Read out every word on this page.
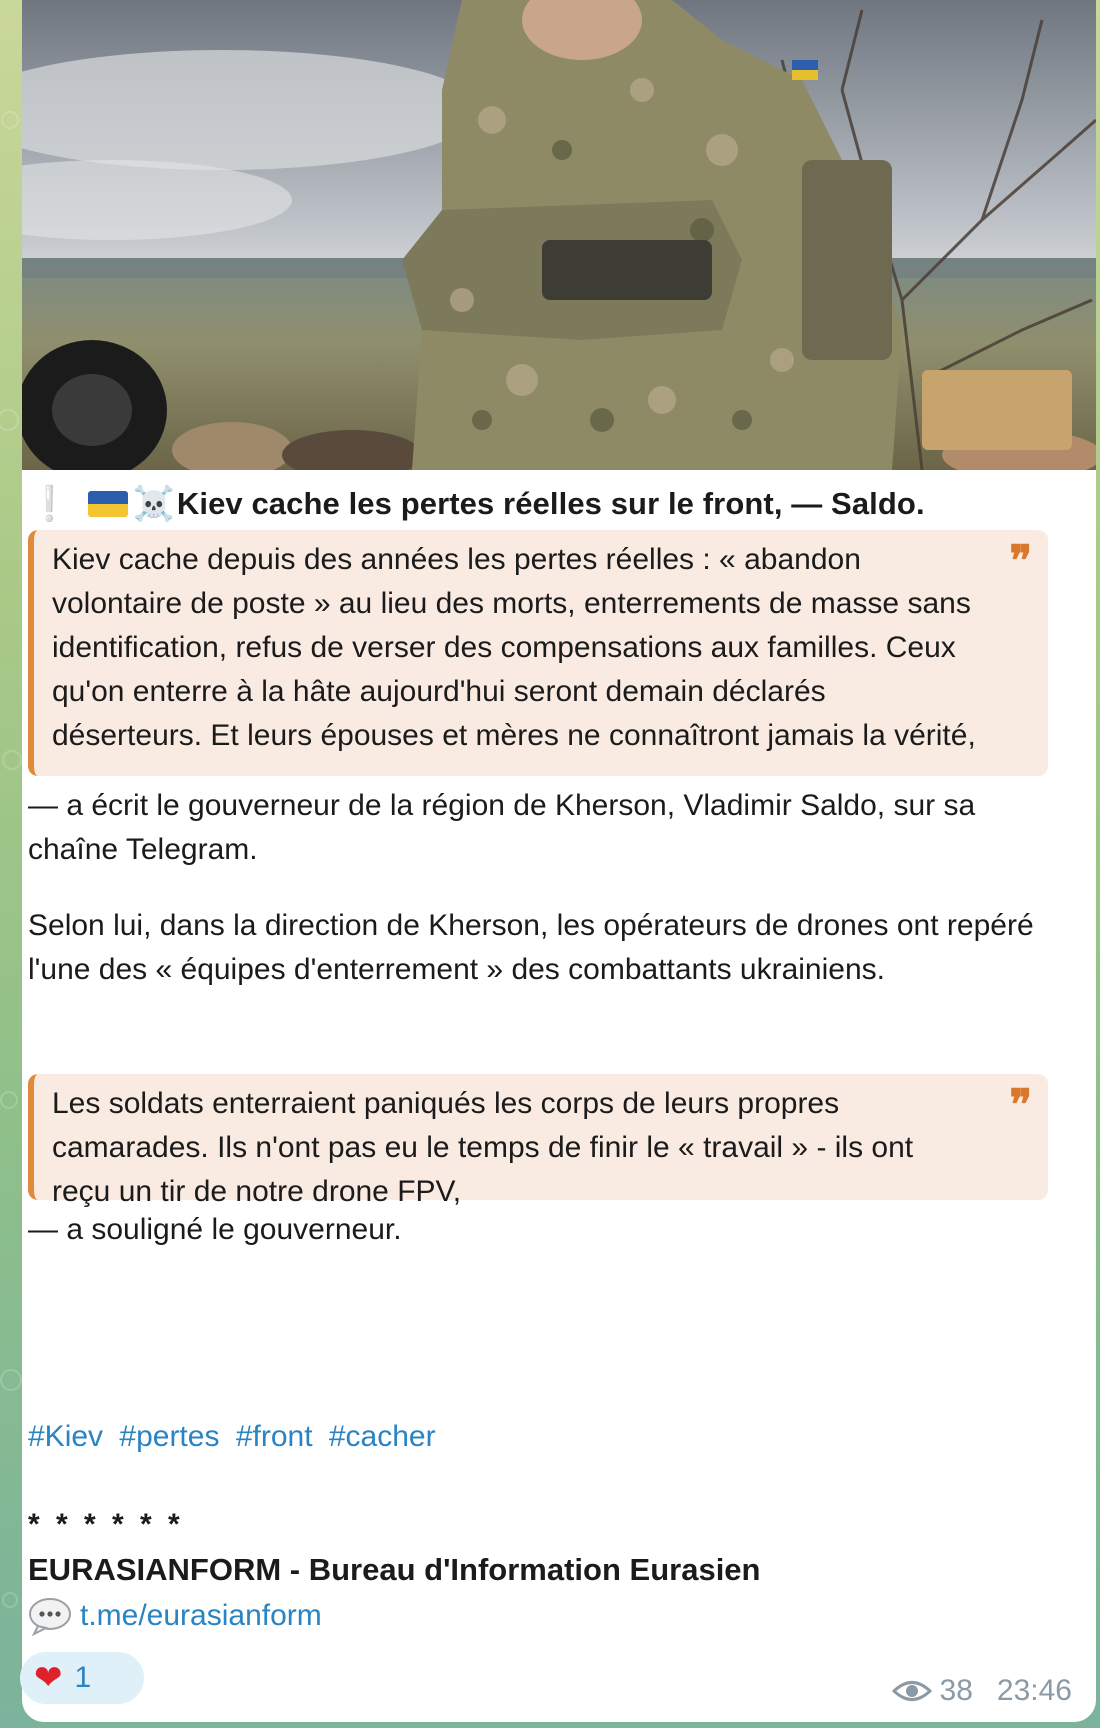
❕ ☠️ Kiev cache les pertes réelles sur le front, — Saldo.
Kiev cache depuis des années les pertes réelles : « abandon volontaire de poste » au lieu des morts, enterrements de masse sans identification, refus de verser des compensations aux familles. Ceux qu'on enterre à la hâte aujourd'hui seront demain déclarés déserteurs. Et leurs épouses et mères ne connaîtront jamais la vérité,
❞
— a écrit le gouverneur de la région de Kherson, Vladimir Saldo, sur sa chaîne Telegram.
Selon lui, dans la direction de Kherson, les opérateurs de drones ont repéré l'une des « équipes d'enterrement » des combattants ukrainiens.
Les soldats enterraient paniqués les corps de leurs propres camarades. Ils n'ont pas eu le temps de finir le « travail » - ils ont reçu un tir de notre drone FPV,
❞
— a souligné le gouverneur.
#Kiev #pertes #front #cacher
* * * * * *
EURASIANFORM - Bureau d'Information Eurasien
t.me/eurasianform
❤ 1	38 23:46
